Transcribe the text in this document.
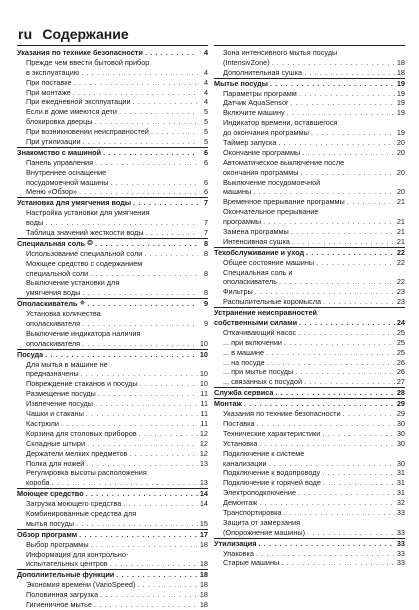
ru Содержание
Указания по технике безопасности . . .	4
Прежде чем ввести бытовой прибор
в эксплуатацию . . .	4
При поставке . . .	4
При монтаже . . .	4
При ежедневной эксплуатации . . .	4
Если в доме имеются дети . . .	5
блокировка дверцы . . .	5
При возникновении неисправностей . . .	5
При утилизации . . .	5
Знакомство с машиной . . .	6
Панель управления . . .	6
Внутреннее оснащение
посудомоечной машины . . .	6
Меню «Обзор» . . .	6
Установка для умягчения воды . . .	7
Настройка установки для умягчения
воды . . .	7
Таблица значений жесткости воды . . .	7
Специальная соль ❂ . . .	8
Использование специальной соли . . .	8
Моющее средство с содержанием
специальной соли . . .	8
Выключение установки для
умягчения воды . . .	8
Ополаскиватель ✵ . . .	9
Установка количества
ополаскивателя . . .	9
Выключение индикатора наличия
ополаскивателя . . .	10
Посуда . . .	10
Для мытья в машине не
предназначены . . .	10
Повреждение стаканов и посуды . . .	10
Размещение посуды . . .	11
Извлечение посуды . . .	11
Чашки и стаканы . . .	11
Кастрюли . . .	11
Корзина для столовых приборов . . .	12
Складные штыри . . .	12
Держатели мелких предметов . . .	12
Полка для ножей . . .	13
Регулировка высоты расположения
короба . . .	13
Моющее средство . . .	14
Загрузка моющего средства . . .	14
Комбинированные средства для
мытья посуды . . .	15
Обзор программ . . .	17
Выбор программы . . .	18
Информация для контрольно-
испытательных центров . . .	18
Дополнительные функции . . .	18
Экономия времени (VarioSpeed) . . .	18
Половинная загрузка . . .	18
Гигиеничное мытье . . .	18
Зона интенсивного мытья посуды
(IntensivZone) . . .	18
Дополнительная сушка . . .	18
Мытье посуды . . .	19
Параметры программ . . .	19
Датчик AquaSensor . . .	19
Включите машину . . .	19
Индикатор времени, оставшегося
до окончания программы . . .	19
Таймер запуска . . .	20
Окончание программы . . .	20
Автоматическое выключение после
окончания программы . . .	20
Выключение посудомоечной
машины . . .	20
Временное прерывание программы . . .	21
Окончательное прерывание
программы . . .	21
Замена программы . . .	21
Интенсивная сушка . . .	21
Техобслуживание и уход . . .	22
Общее состояние машины . . .	22
Специальная соль и
ополаскиватель . . .	22
Фильтры . . .	23
Распылительные коромысла . . .	23
Устранение неисправностей
собственными силами . . .	24
Откачивающий насос . . .	25
... при включении . . .	25
... в машине . . .	25
... на посуде . . .	26
... при мытье посуды . . .	26
... связанных с посудой . . .	27
Служба сервиса . . .	28
Монтаж . . .	29
Указания по технике безопасности . . .	29
Поставка . . .	30
Технические характеристики . . .	30
Установка . . .	30
Подключение к системе
канализации . . .	30
Подключение к водопроводу . . .	31
Подключение к горячей воде . . .	31
Электроподключение . . .	31
Демонтаж . . .	32
Транспортировка . . .	33
Защита от замерзания
(Опорожнение машины) . . .	33
Утилизация . . .	33
Упаковка . . .	33
Старые машины . . .	33
